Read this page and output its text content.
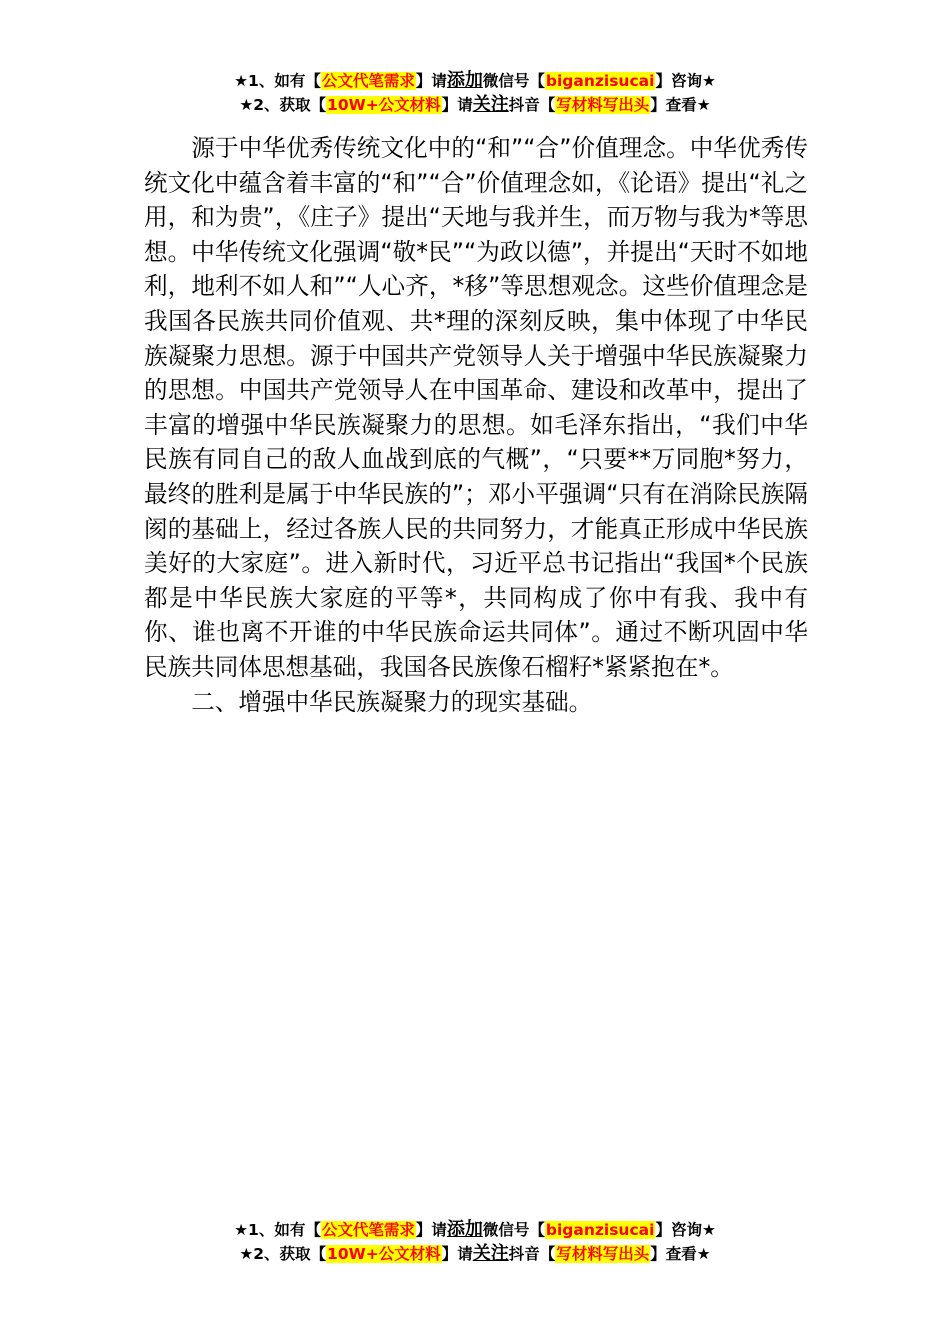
★1、如有【公文代笔需求】请添加微信号【biganzisucai】咨询★
★2、获取【10W+公文材料】请关注抖音【写材料写出头】查看★

源于中华优秀传统文化中的“和”“合”价值理念。中华优秀传统文化中蕴含着丰富的“和”“合”价值理念如，《论语》提出“礼之用，和为贵”，《庄子》提出“天地与我并生，而万物与我为*等思想。中华传统文化强调“敬*民”“为政以德”，并提出“天时不如地利，地利不如人和”“人心齐，*移”等思想观念。这些价值理念是我国各民族共同价值观、共*理的深刻反映，集中体现了中华民族凝聚力思想。源于中国共产党领导人关于增强中华民族凝聚力的思想。中国共产党领导人在中国革命、建设和改革中，提出了丰富的增强中华民族凝聚力的思想。如毛泽东指出，“我们中华民族有同自己的敌人血战到底的气概”，“只要**万同胞*努力，最终的胜利是属于中华民族的”；邓小平强调“只有在消除民族隔阂的基础上，经过各族人民的共同努力，才能真正形成中华民族美好的大家庭”。进入新时代，习近平总书记指出“我国*个民族都是中华民族大家庭的平等*，共同构成了你中有我、我中有你、谁也离不开谁的中华民族命运共同体”。通过不断巩固中华民族共同体思想基础，我国各民族像石榴籽*紧紧抱在*。

二、增强中华民族凝聚力的现实基础。

★1、如有【公文代笔需求】请添加微信号【biganzisucai】咨询★
★2、获取【10W+公文材料】请关注抖音【写材料写出头】查看★
